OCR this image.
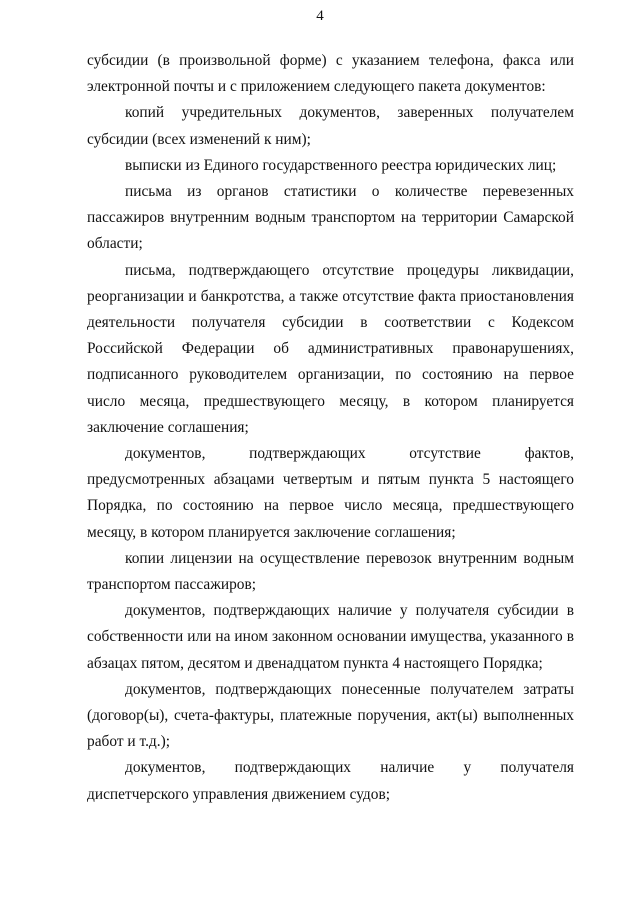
4

субсидии (в произвольной форме) с указанием телефона, факса или электронной почты и с приложением следующего пакета документов:

копий учредительных документов, заверенных получателем субсидии (всех изменений к ним);

выписки из Единого государственного реестра юридических лиц;

письма из органов статистики о количестве перевезенных пассажиров внутренним водным транспортом на территории Самарской области;

письма, подтверждающего отсутствие процедуры ликвидации, реорганизации и банкротства, а также отсутствие факта приостановления деятельности получателя субсидии в соответствии с Кодексом Российской Федерации об административных правонарушениях, подписанного руководителем организации, по состоянию на первое число месяца, предшествующего месяцу, в котором планируется заключение соглашения;

документов, подтверждающих отсутствие фактов, предусмотренных абзацами четвертым и пятым пункта 5 настоящего Порядка, по состоянию на первое число месяца, предшествующего месяцу, в котором планируется заключение соглашения;

копии лицензии на осуществление перевозок внутренним водным транспортом пассажиров;

документов, подтверждающих наличие у получателя субсидии в собственности или на ином законном основании имущества, указанного в абзацах пятом, десятом и двенадцатом пункта 4 настоящего Порядка;

документов, подтверждающих понесенные получателем затраты (договор(ы), счета-фактуры, платежные поручения, акт(ы) выполненных работ и т.д.);

документов, подтверждающих наличие у получателя диспетчерского управления движением судов;
